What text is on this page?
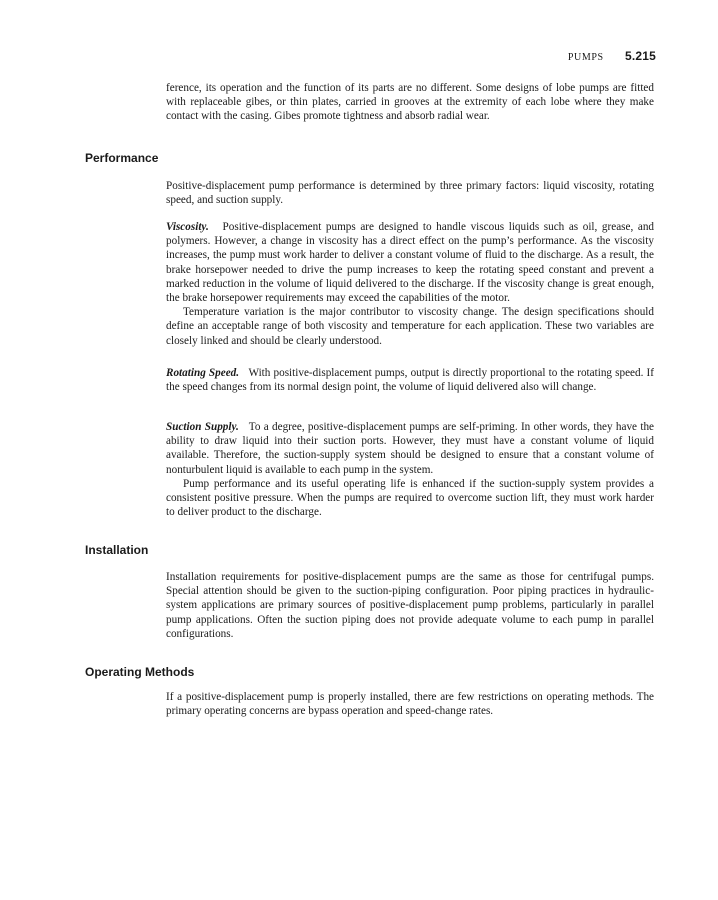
PUMPS 5.215

ference, its operation and the function of its parts are no different. Some designs of lobe pumps are fitted with replaceable gibes, or thin plates, carried in grooves at the extremity of each lobe where they make contact with the casing. Gibes promote tightness and absorb radial wear.

Performance

Positive-displacement pump performance is determined by three primary factors: liquid viscosity, rotating speed, and suction supply.

Viscosity. Positive-displacement pumps are designed to handle viscous liquids such as oil, grease, and polymers. However, a change in viscosity has a direct effect on the pump’s performance. As the viscosity increases, the pump must work harder to deliver a constant volume of fluid to the discharge. As a result, the brake horsepower needed to drive the pump increases to keep the rotating speed constant and prevent a marked reduction in the volume of liquid delivered to the discharge. If the viscosity change is great enough, the brake horsepower requirements may exceed the capabilities of the motor.

Temperature variation is the major contributor to viscosity change. The design specifications should define an acceptable range of both viscosity and temperature for each application. These two variables are closely linked and should be clearly understood.

Rotating Speed. With positive-displacement pumps, output is directly proportional to the rotating speed. If the speed changes from its normal design point, the volume of liquid delivered also will change.

Suction Supply. To a degree, positive-displacement pumps are self-priming. In other words, they have the ability to draw liquid into their suction ports. However, they must have a constant volume of liquid available. Therefore, the suction-supply system should be designed to ensure that a constant volume of nonturbulent liquid is available to each pump in the system.

Pump performance and its useful operating life is enhanced if the suction-supply system provides a consistent positive pressure. When the pumps are required to overcome suction lift, they must work harder to deliver product to the discharge.

Installation

Installation requirements for positive-displacement pumps are the same as those for centrifugal pumps. Special attention should be given to the suction-piping configuration. Poor piping practices in hydraulic-system applications are primary sources of positive-displacement pump problems, particularly in parallel pump applications. Often the suction piping does not provide adequate volume to each pump in parallel configurations.

Operating Methods

If a positive-displacement pump is properly installed, there are few restrictions on operating methods. The primary operating concerns are bypass operation and speed-change rates.
